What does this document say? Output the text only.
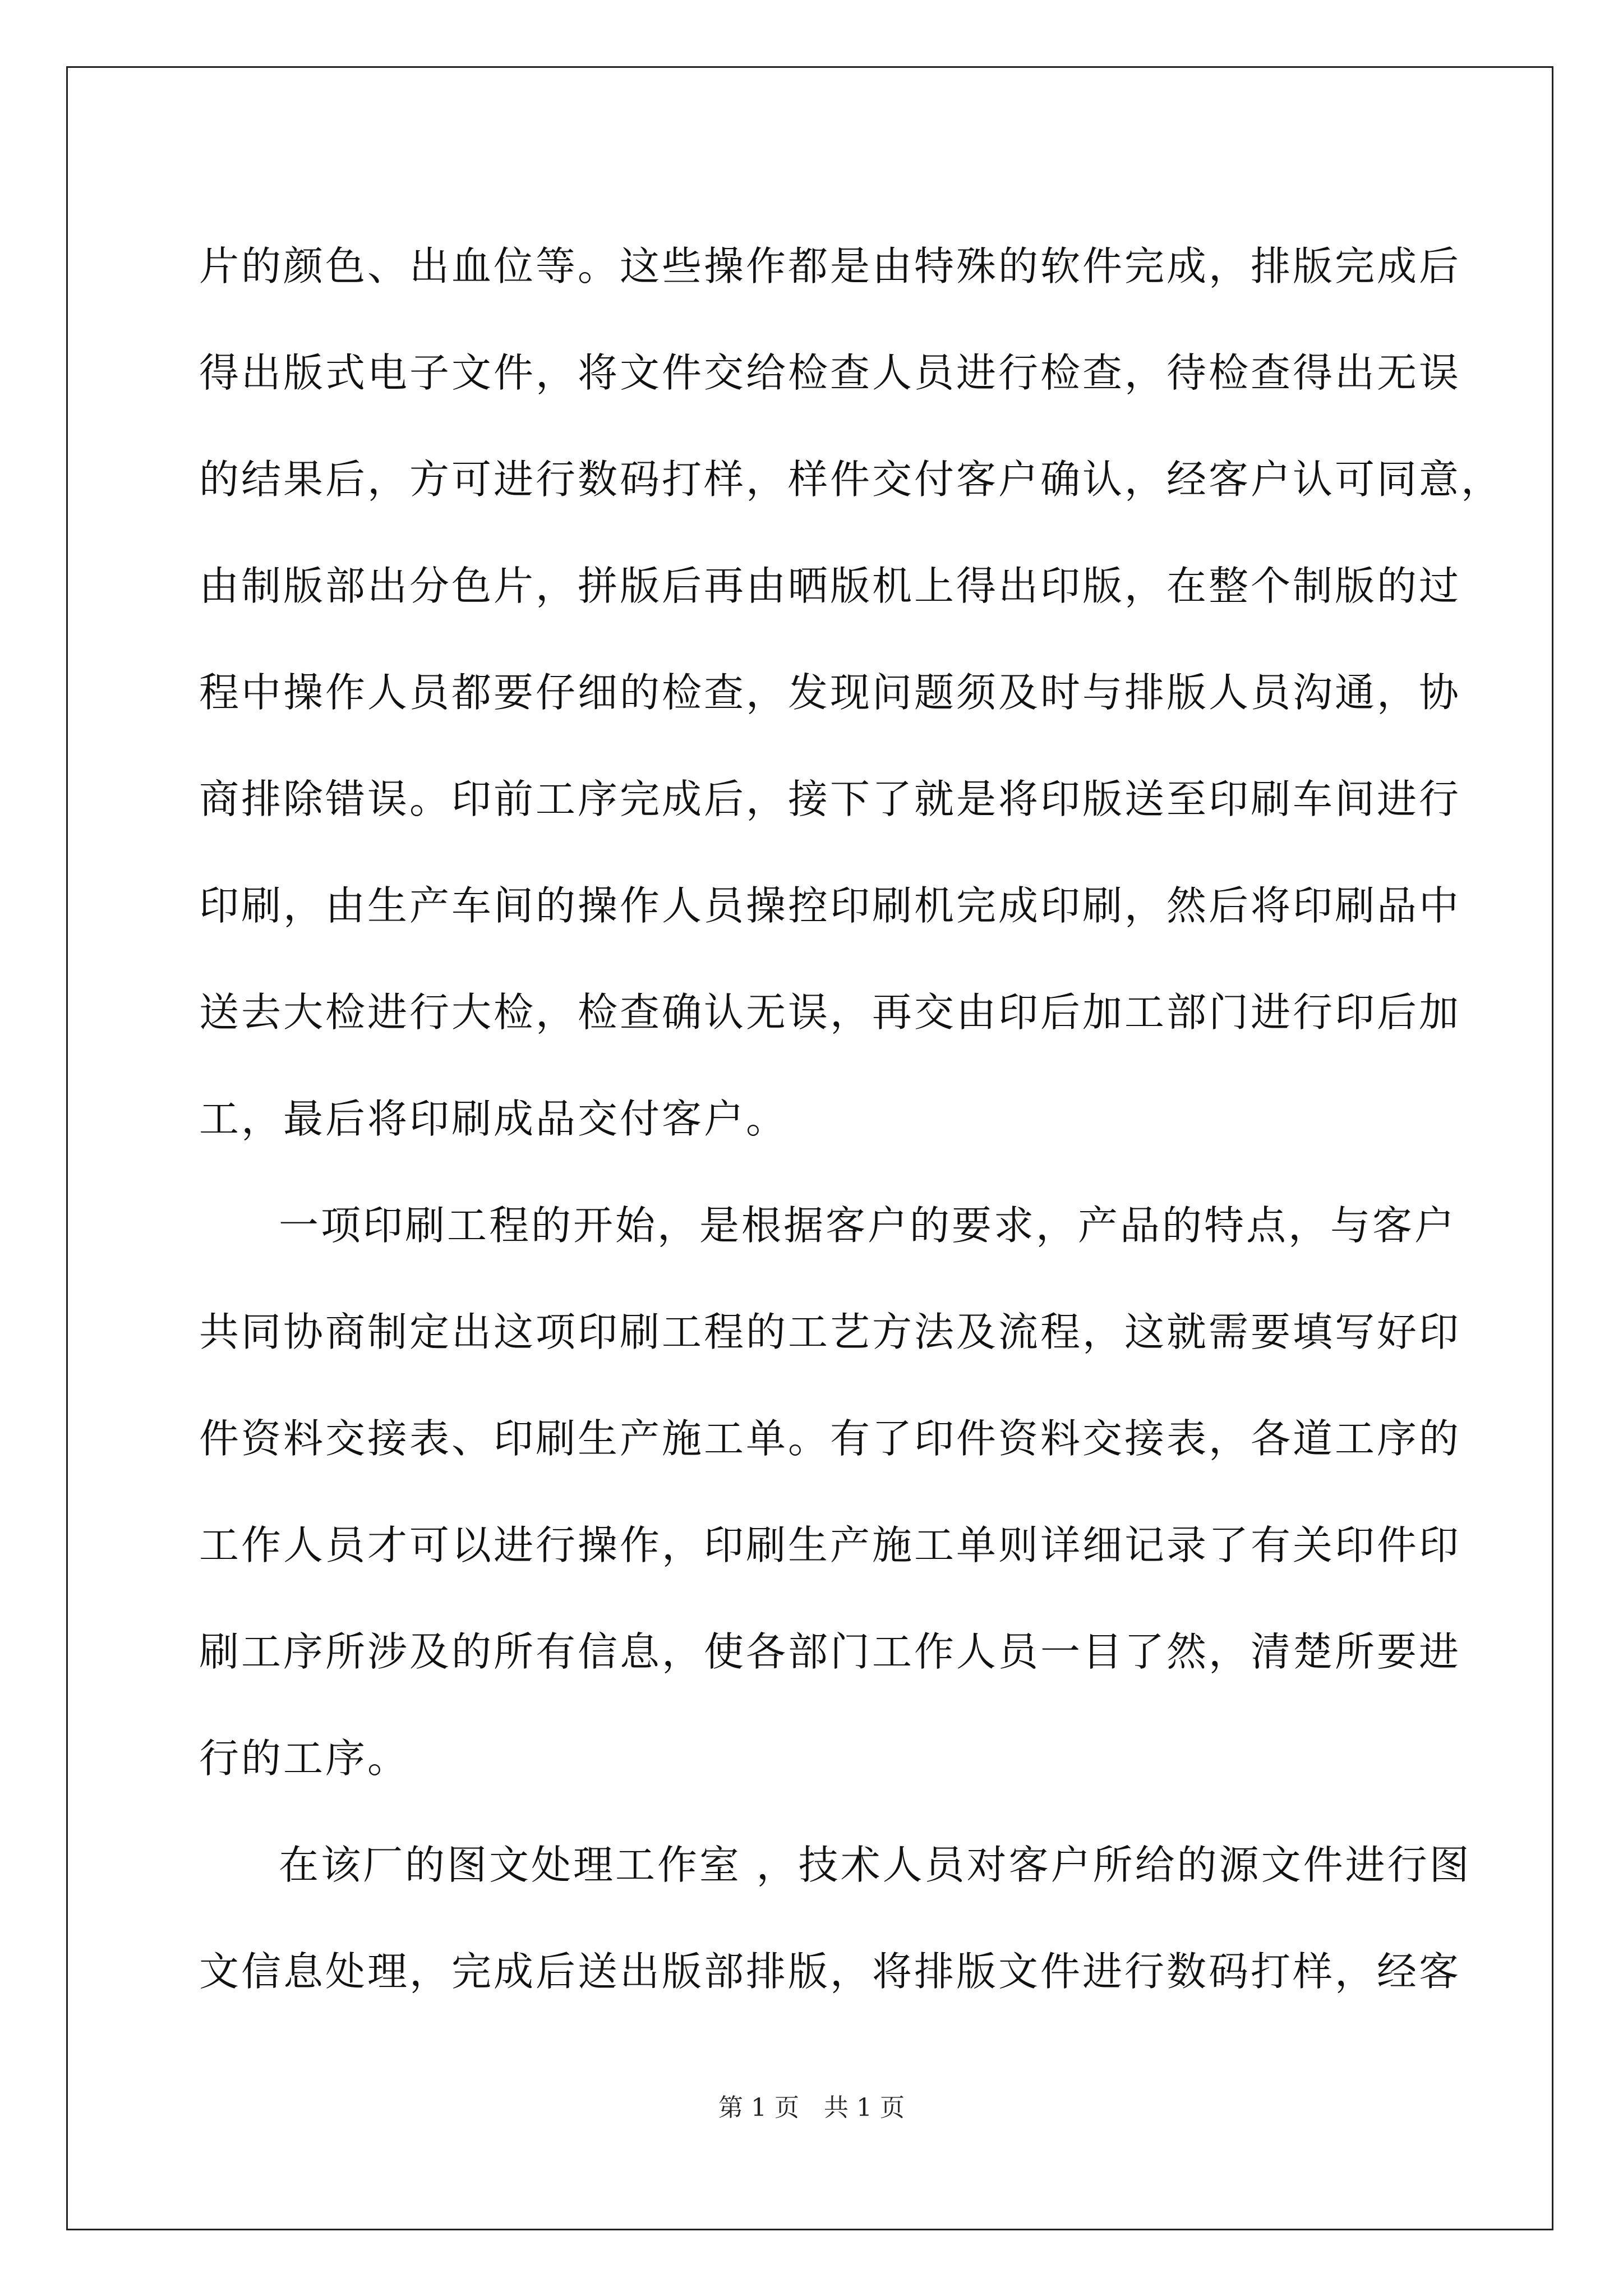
片的颜色、出血位等。这些操作都是由特殊的软件完成，排版完成后
得出版式电子文件，将文件交给检查人员进行检查，待检查得出无误
的结果后，方可进行数码打样，样件交付客户确认，经客户认可同意，
由制版部出分色片，拼版后再由晒版机上得出印版，在整个制版的过
程中操作人员都要仔细的检查，发现问题须及时与排版人员沟通，协
商排除错误。印前工序完成后，接下了就是将印版送至印刷车间进行
印刷，由生产车间的操作人员操控印刷机完成印刷，然后将印刷品中
送去大检进行大检，检查确认无误，再交由印后加工部门进行印后加
工，最后将印刷成品交付客户。
一项印刷工程的开始，是根据客户的要求，产品的特点，与客户
共同协商制定出这项印刷工程的工艺方法及流程，这就需要填写好印
件资料交接表、印刷生产施工单。有了印件资料交接表，各道工序的
工作人员才可以进行操作，印刷生产施工单则详细记录了有关印件印
刷工序所涉及的所有信息，使各部门工作人员一目了然，清楚所要进
行的工序。
在该厂的图文处理工作室 ，技术人员对客户所给的源文件进行图
文信息处理，完成后送出版部排版，将排版文件进行数码打样，经客
第 1 页　共 1 页
